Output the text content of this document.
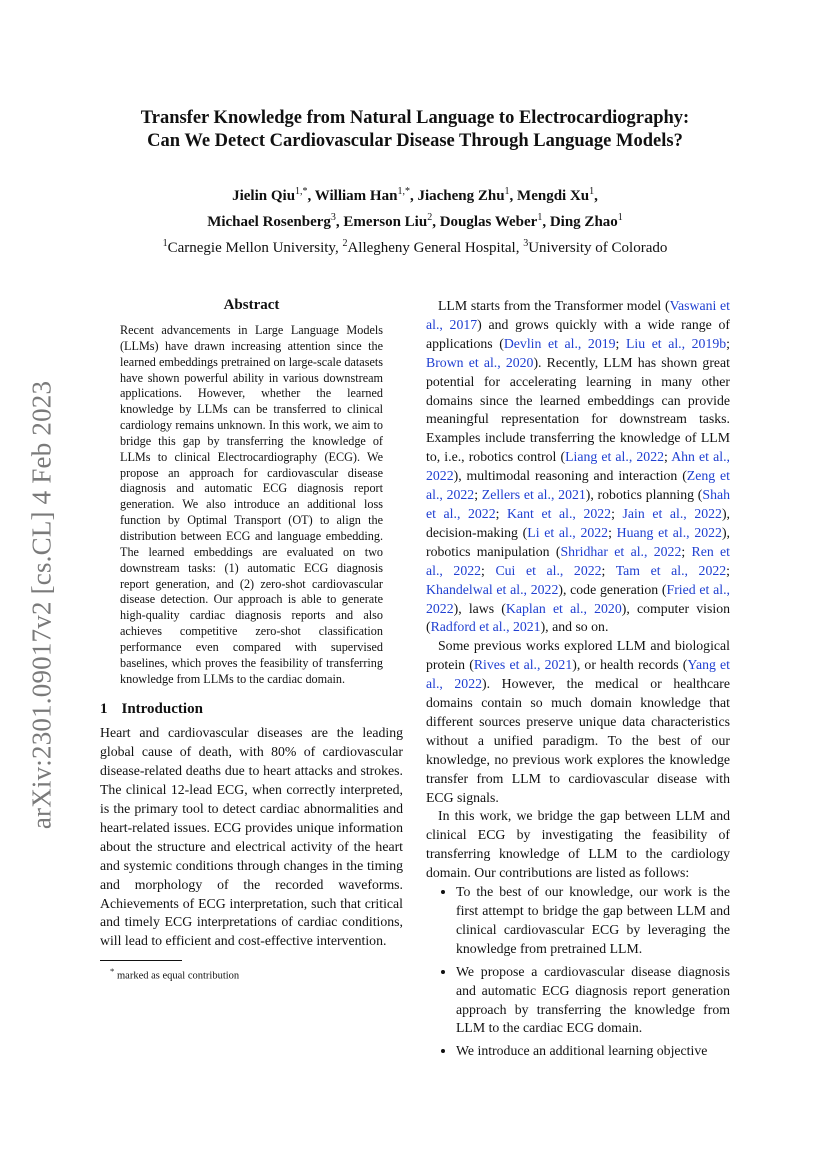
arXiv:2301.09017v2 [cs.CL] 4 Feb 2023
Transfer Knowledge from Natural Language to Electrocardiography:
Can We Detect Cardiovascular Disease Through Language Models?
Jielin Qiu$^{1,*}$, William Han$^{1,*}$, Jiacheng Zhu$^1$, Mengdi Xu$^1$,
Michael Rosenberg$^3$, Emerson Liu$^2$, Douglas Weber$^1$, Ding Zhao$^1$
$^1$Carnegie Mellon University, $^2$Allegheny General Hospital, $^3$University of Colorado
Abstract
Recent advancements in Large Language Models (LLMs) have drawn increasing attention since the learned embeddings pretrained on large-scale datasets have shown powerful ability in various downstream applications. However, whether the learned knowledge by LLMs can be transferred to clinical cardiology remains unknown. In this work, we aim to bridge this gap by transferring the knowledge of LLMs to clinical Electrocardiography (ECG). We propose an approach for cardiovascular disease diagnosis and automatic ECG diagnosis report generation. We also introduce an additional loss function by Optimal Transport (OT) to align the distribution between ECG and language embedding. The learned embeddings are evaluated on two downstream tasks: (1) automatic ECG diagnosis report generation, and (2) zero-shot cardiovascular disease detection. Our approach is able to generate high-quality cardiac diagnosis reports and also achieves competitive zero-shot classification performance even compared with supervised baselines, which proves the feasibility of transferring knowledge from LLMs to the cardiac domain.
1 Introduction

Heart and cardiovascular diseases are the leading global cause of death, with 80% of cardiovascular disease-related deaths due to heart attacks and strokes. The clinical 12-lead ECG, when correctly interpreted, is the primary tool to detect cardiac abnormalities and heart-related issues. ECG provides unique information about the structure and electrical activity of the heart and systemic conditions through changes in the timing and morphology of the recorded waveforms. Achievements of ECG interpretation, such that critical and timely ECG interpretations of cardiac conditions, will lead to efficient and cost-effective intervention.

* marked as equal contribution

LLM starts from the Transformer model (Vaswani et al., 2017) and grows quickly with a wide range of applications (Devlin et al., 2019; Liu et al., 2019b; Brown et al., 2020). Recently, LLM has shown great potential for accelerating learning in many other domains since the learned embeddings can provide meaningful representation for downstream tasks. Examples include transferring the knowledge of LLM to, i.e., robotics control (Liang et al., 2022; Ahn et al., 2022), multimodal reasoning and interaction (Zeng et al., 2022; Zellers et al., 2021), robotics planning (Shah et al., 2022; Kant et al., 2022; Jain et al., 2022), decision-making (Li et al., 2022; Huang et al., 2022), robotics manipulation (Shridhar et al., 2022; Ren et al., 2022; Cui et al., 2022; Tam et al., 2022; Khandelwal et al., 2022), code generation (Fried et al., 2022), laws (Kaplan et al., 2020), computer vision (Radford et al., 2021), and so on.

Some previous works explored LLM and biological protein (Rives et al., 2021), or health records (Yang et al., 2022). However, the medical or healthcare domains contain so much domain knowledge that different sources preserve unique data characteristics without a unified paradigm. To the best of our knowledge, no previous work explores the knowledge transfer from LLM to cardiovascular disease with ECG signals.

In this work, we bridge the gap between LLM and clinical ECG by investigating the feasibility of transferring knowledge of LLM to the cardiology domain. Our contributions are listed as follows:

• To the best of our knowledge, our work is the first attempt to bridge the gap between LLM and clinical cardiovascular ECG by leveraging the knowledge from pretrained LLM.
• We propose a cardiovascular disease diagnosis and automatic ECG diagnosis report generation approach by transferring the knowledge from LLM to the cardiac ECG domain.
• We introduce an additional learning objective
